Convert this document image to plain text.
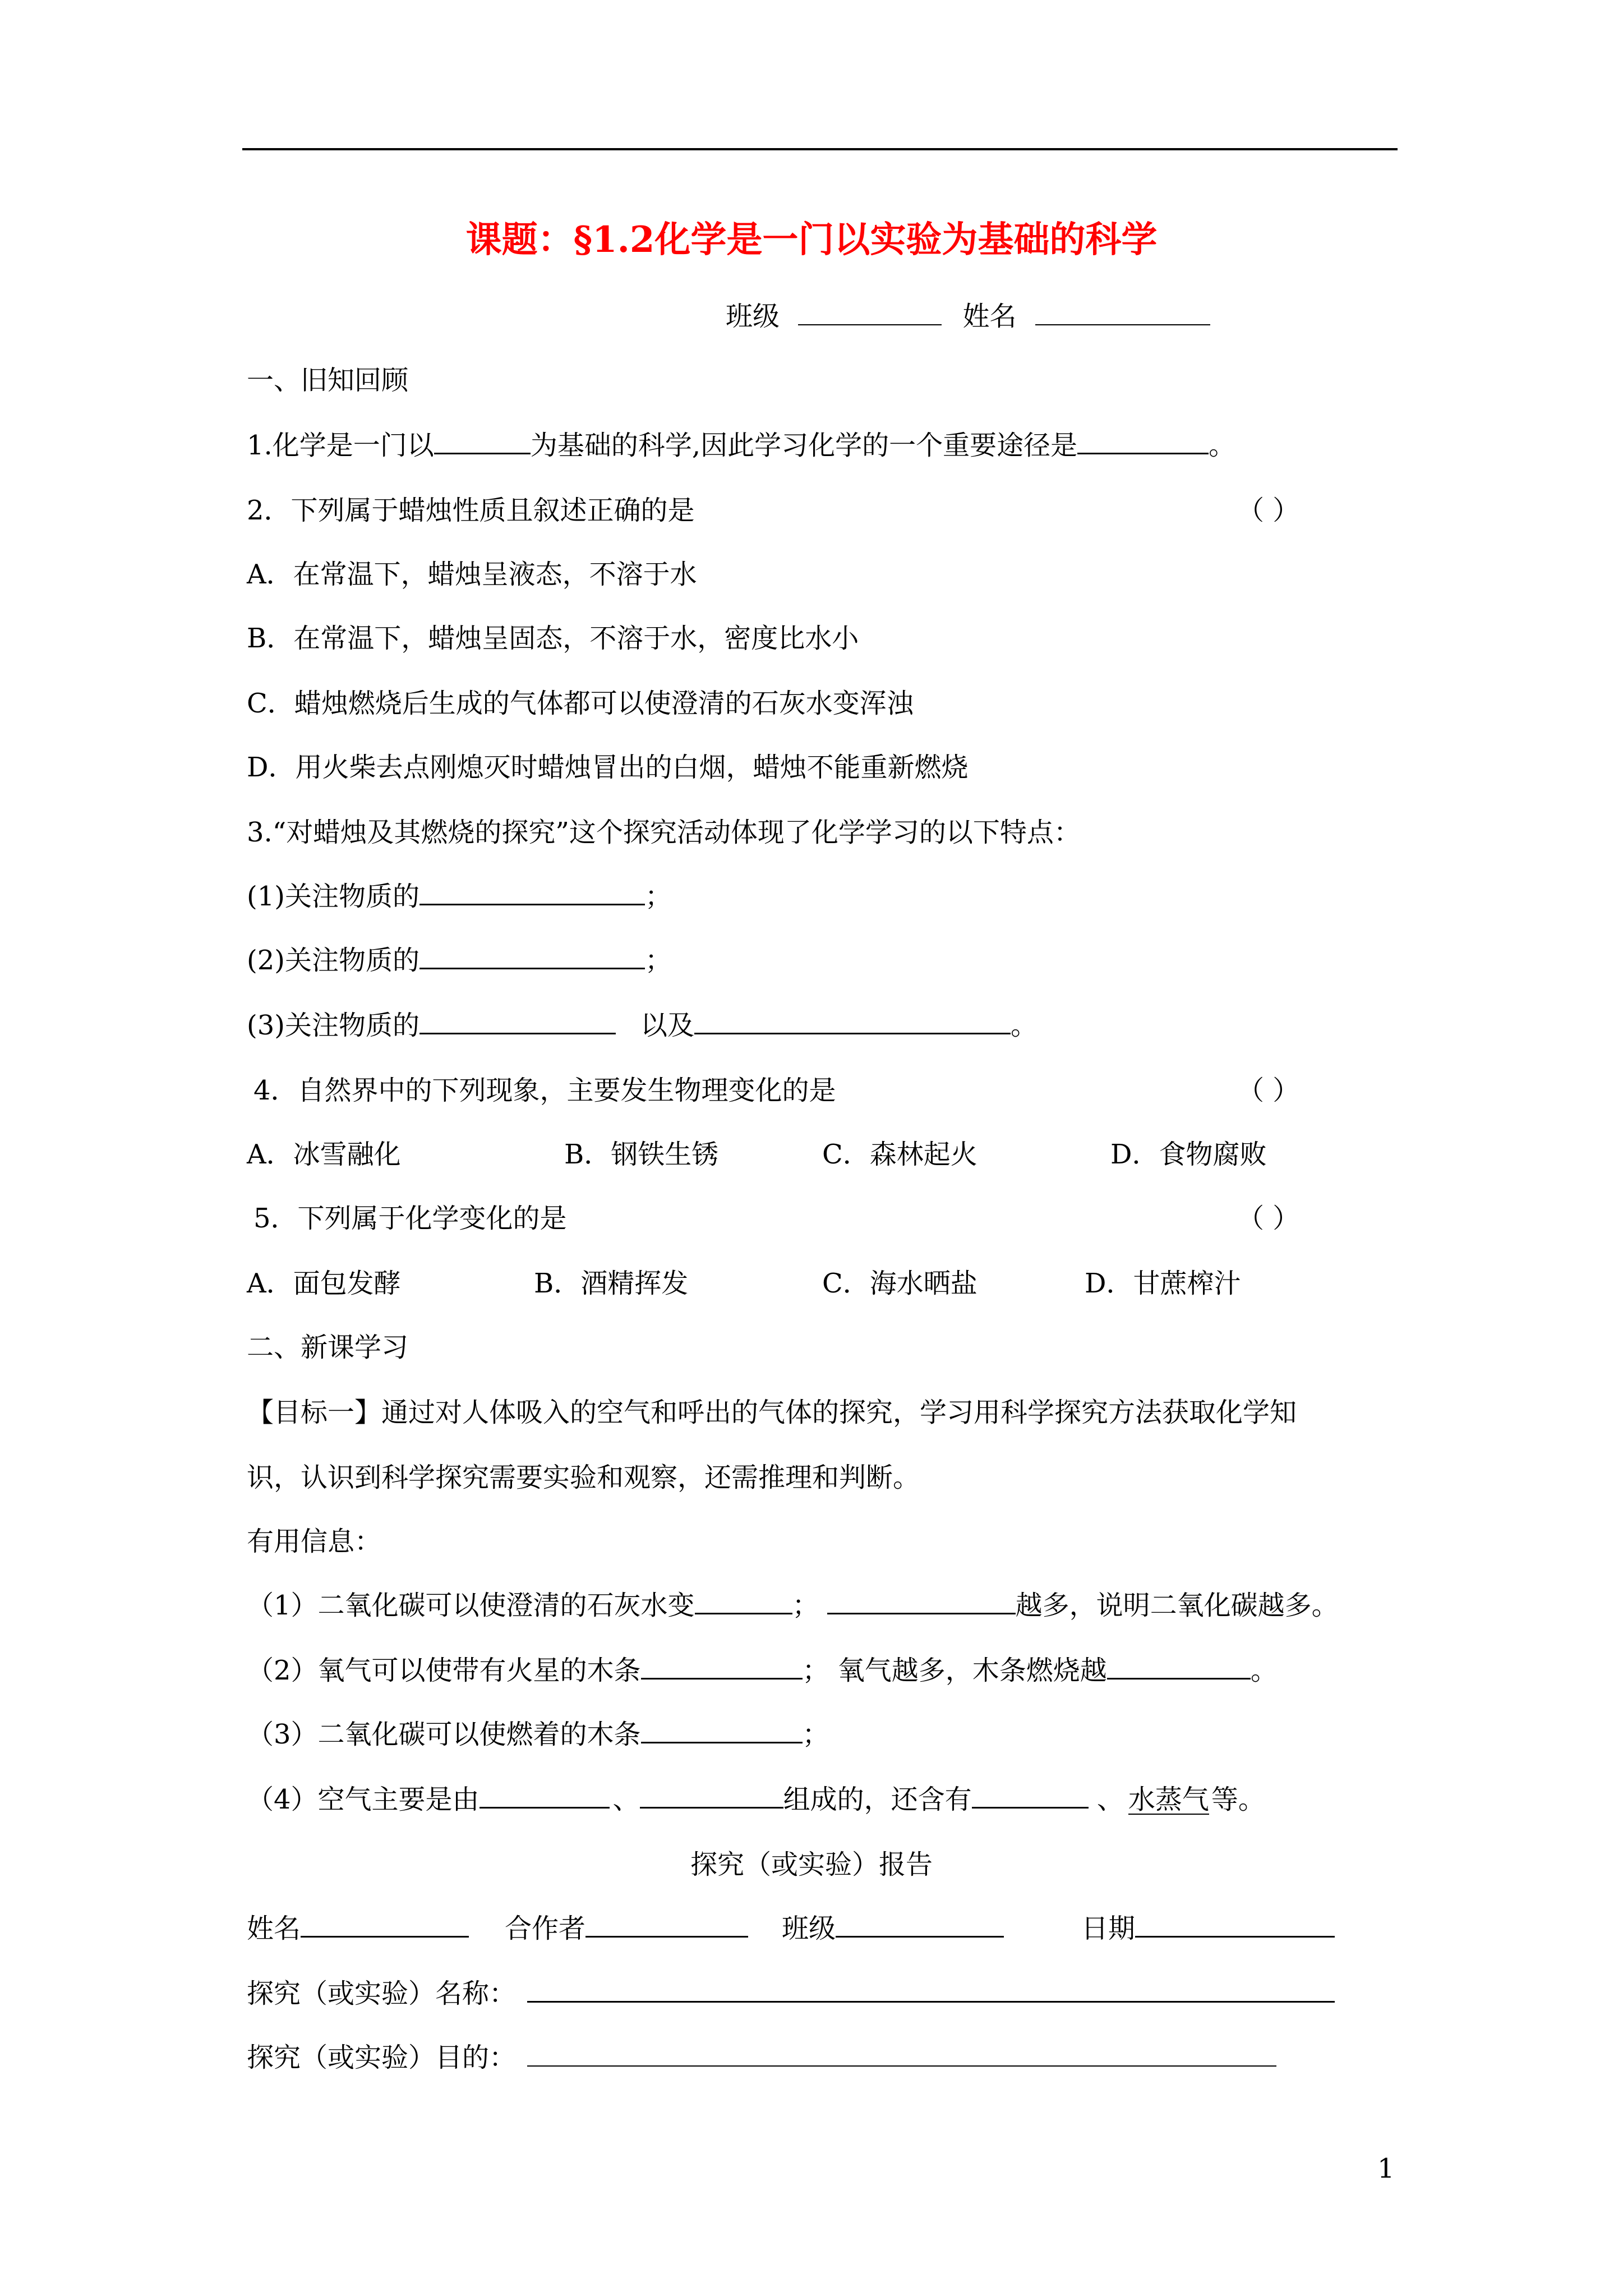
课题：§1.2化学是一门以实验为基础的科学
班级	姓名
一、旧知回顾
1.化学是一门以	为基础的科学,因此学习化学的一个重要途径是	。
2．下列属于蜡烛性质且叙述正确的是	（ ）
A．在常温下，蜡烛呈液态，不溶于水
B．在常温下，蜡烛呈固态，不溶于水，密度比水小
C．蜡烛燃烧后生成的气体都可以使澄清的石灰水变浑浊
D．用火柴去点刚熄灭时蜡烛冒出的白烟，蜡烛不能重新燃烧
3.“对蜡烛及其燃烧的探究”这个探究活动体现了化学学习的以下特点：
(1)关注物质的	；
(2)关注物质的	；
(3)关注物质的	以及	。
4．自然界中的下列现象，主要发生物理变化的是	（ ）
A．冰雪融化	B．钢铁生锈	C．森林起火	D．食物腐败
5．下列属于化学变化的是	（ ）
A．面包发酵	B．酒精挥发	C．海水晒盐	D．甘蔗榨汁
二、新课学习
【目标一】通过对人体吸入的空气和呼出的气体的探究，学习用科学探究方法获取化学知
识，认识到科学探究需要实验和观察，还需推理和判断。
有用信息：
（1）二氧化碳可以使澄清的石灰水变	；	越多，说明二氧化碳越多。
（2）氧气可以使带有火星的木条	； 氧气越多，木条燃烧越	。
（3）二氧化碳可以使燃着的木条	；
（4）空气主要是由	、	组成的，还含有	、水蒸气等。
探究（或实验）报告
姓名	合作者	班级	日期
探究（或实验）名称：
探究（或实验）目的：
1
